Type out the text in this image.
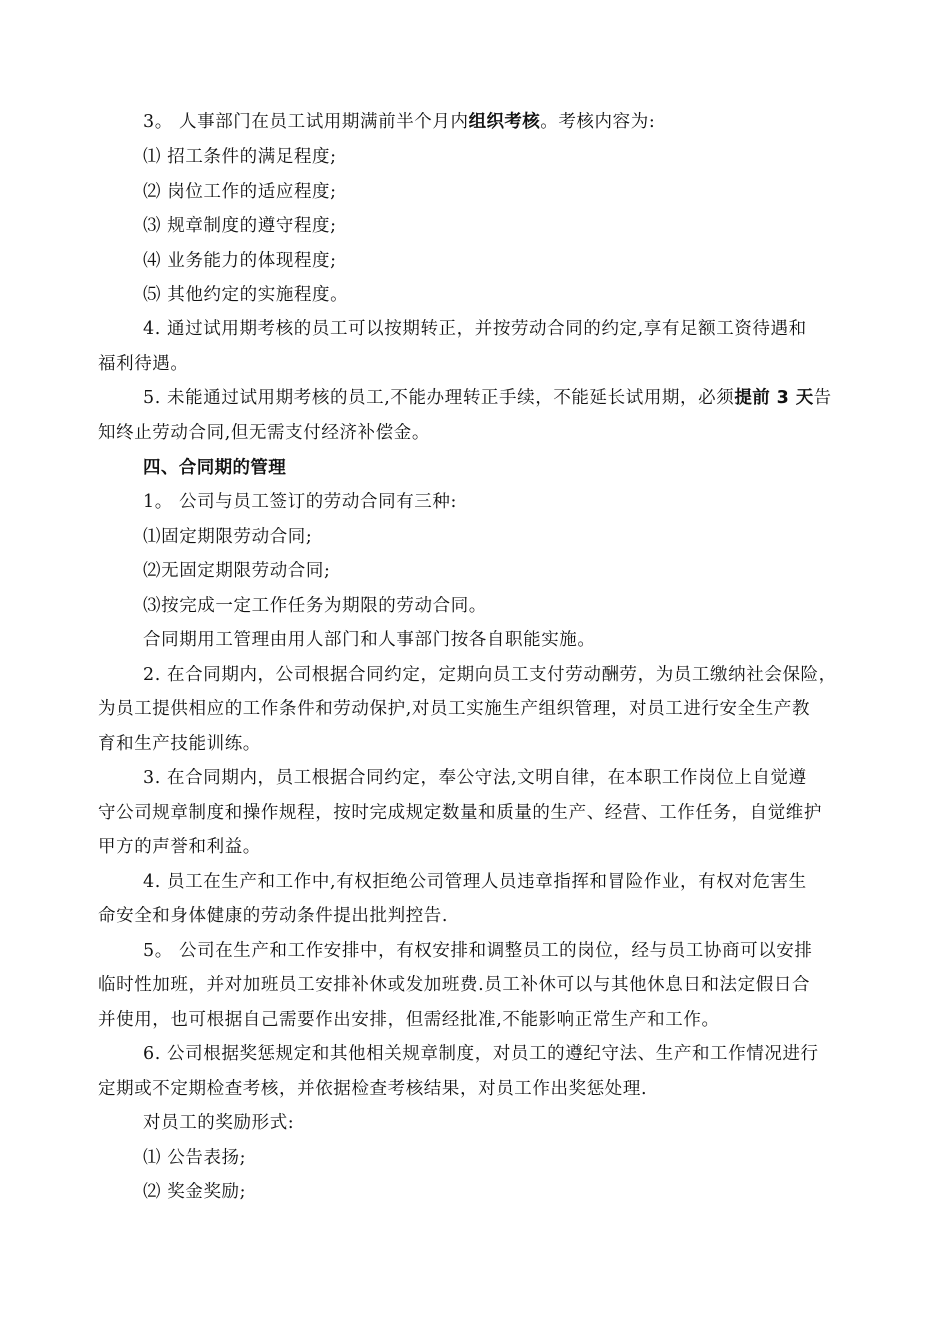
3。 人事部门在员工试用期满前半个月内组织考核。考核内容为:
⑴ 招工条件的满足程度;
⑵ 岗位工作的适应程度;
⑶ 规章制度的遵守程度;
⑷ 业务能力的体现程度;
⑸ 其他约定的实施程度。
4. 通过试用期考核的员工可以按期转正，并按劳动合同的约定,享有足额工资待遇和
福利待遇。
5. 未能通过试用期考核的员工,不能办理转正手续，不能延长试用期，必须提前 3 天告
知终止劳动合同,但无需支付经济补偿金。
四、合同期的管理
1。 公司与员工签订的劳动合同有三种:
⑴固定期限劳动合同;
⑵无固定期限劳动合同;
⑶按完成一定工作任务为期限的劳动合同。
合同期用工管理由用人部门和人事部门按各自职能实施。
2. 在合同期内，公司根据合同约定，定期向员工支付劳动酬劳，为员工缴纳社会保险，
为员工提供相应的工作条件和劳动保护,对员工实施生产组织管理，对员工进行安全生产教
育和生产技能训练。
3. 在合同期内，员工根据合同约定，奉公守法,文明自律，在本职工作岗位上自觉遵
守公司规章制度和操作规程，按时完成规定数量和质量的生产、经营、工作任务，自觉维护
甲方的声誉和利益。
4. 员工在生产和工作中,有权拒绝公司管理人员违章指挥和冒险作业，有权对危害生
命安全和身体健康的劳动条件提出批判控告.
5。 公司在生产和工作安排中，有权安排和调整员工的岗位，经与员工协商可以安排
临时性加班，并对加班员工安排补休或发加班费.员工补休可以与其他休息日和法定假日合
并使用，也可根据自己需要作出安排，但需经批准,不能影响正常生产和工作。
6. 公司根据奖惩规定和其他相关规章制度，对员工的遵纪守法、生产和工作情况进行
定期或不定期检查考核，并依据检查考核结果，对员工作出奖惩处理.
对员工的奖励形式:
⑴ 公告表扬;
⑵ 奖金奖励;
